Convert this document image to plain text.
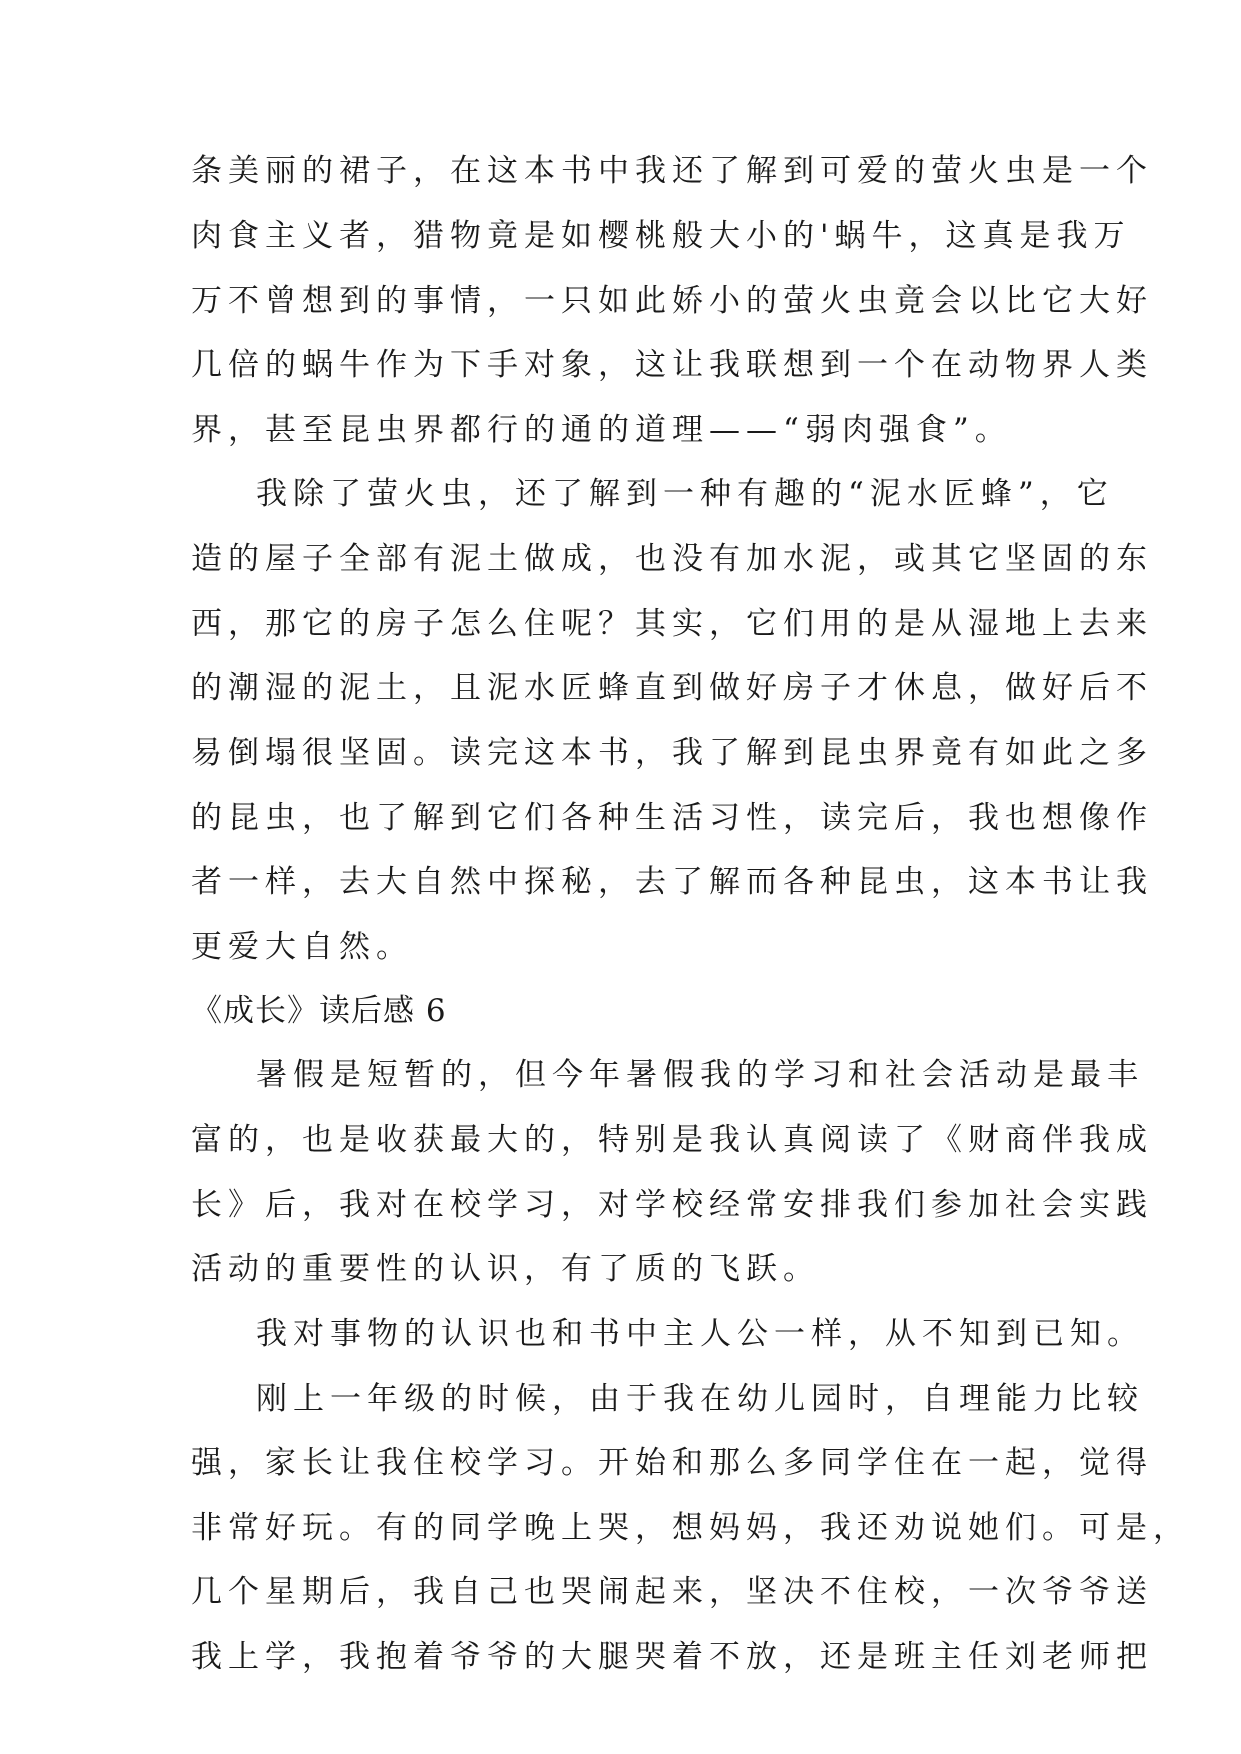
条美丽的裙子，在这本书中我还了解到可爱的萤火虫是一个
肉食主义者，猎物竟是如樱桃般大小的'蜗牛，这真是我万
万不曾想到的事情，一只如此娇小的萤火虫竟会以比它大好
几倍的蜗牛作为下手对象，这让我联想到一个在动物界人类
界，甚至昆虫界都行的通的道理——“弱肉强食”。
我除了萤火虫，还了解到一种有趣的“泥水匠蜂”，它
造的屋子全部有泥土做成，也没有加水泥，或其它坚固的东
西，那它的房子怎么住呢？其实，它们用的是从湿地上去来
的潮湿的泥土，且泥水匠蜂直到做好房子才休息，做好后不
易倒塌很坚固。读完这本书，我了解到昆虫界竟有如此之多
的昆虫，也了解到它们各种生活习性，读完后，我也想像作
者一样，去大自然中探秘，去了解而各种昆虫，这本书让我
更爱大自然。
《成长》读后感 6
暑假是短暂的，但今年暑假我的学习和社会活动是最丰
富的，也是收获最大的，特别是我认真阅读了《财商伴我成
长》后，我对在校学习，对学校经常安排我们参加社会实践
活动的重要性的认识，有了质的飞跃。
我对事物的认识也和书中主人公一样，从不知到已知。
刚上一年级的时候，由于我在幼儿园时，自理能力比较
强，家长让我住校学习。开始和那么多同学住在一起，觉得
非常好玩。有的同学晚上哭，想妈妈，我还劝说她们。可是，
几个星期后，我自己也哭闹起来，坚决不住校，一次爷爷送
我上学，我抱着爷爷的大腿哭着不放，还是班主任刘老师把
